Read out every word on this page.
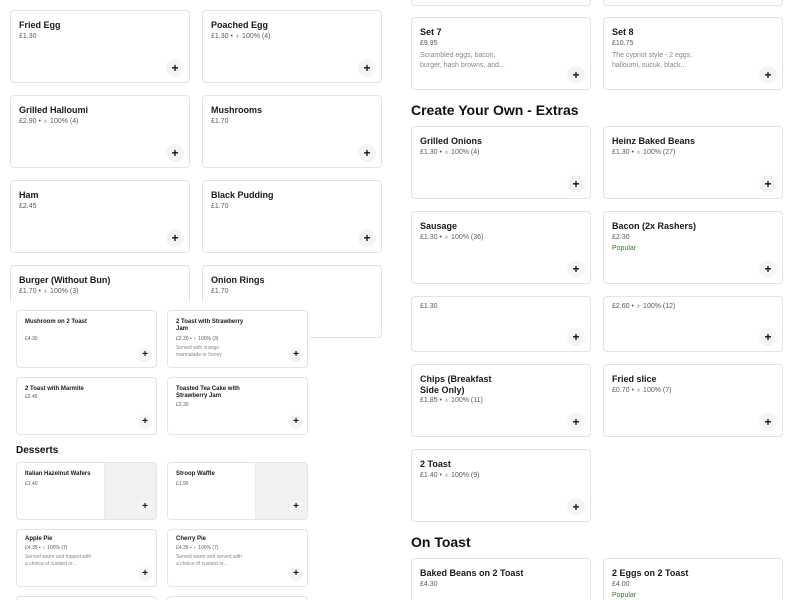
Fried Egg
£1.30
+
Poached Egg
£1.30 • ♁ 100% (4)
+
Grilled Halloumi
£2.90 • ♁ 100% (4)
+
Mushrooms
£1.70
+
Ham
£2.45
+
Black Pudding
£1.70
+
Burger (Without Bun)
£1.70 • ♁ 100% (3)
Onion Rings
£1.70
Mushroom on 2 Toast
£4.30
+
2 Toast with Strawberry Jam
£2.30 • ♁ 100% (3)
Served with orange marmalade or honey	+
2 Toast with Marmite
£2.45
+
Toasted Tea Cake with Strawberry Jam
£2.30
+
Desserts
Italian Hazelnut Wafers
£1.40
+
Stroop Waffle
£1.90
+
Apple Pie
£4.35 • ♁ 100% (7)
Served warm and topped with a choice of custard or...
+
Cherry Pie
£4.35 • ♁ 100% (7)
Served warm and served with a choice of custard or...
+
Set 7
£9.95
Scrambled eggs, bacon, burger, hash browns, and...
+
Set 8
£10.75
The cypriot style - 2 eggs, halloumi, sucuk, black...
+
Create Your Own - Extras
Grilled Onions
£1.30 • ♁ 100% (4)
+
Heinz Baked Beans
£1.30 • ♁ 100% (27)
+
Sausage
£1.30 • ♁ 100% (36)
+
Bacon (2x Rashers)
£2.30
Popular
+
£1.30
+
£2.60 • ♁ 100% (12)
+
Chips (Breakfast Side Only)
£1.85 • ♁ 100% (11)
+
Fried slice
£0.70 • ♁ 100% (7)
+
2 Toast
£1.40 • ♁ 100% (9)
+
On Toast
Baked Beans on 2 Toast
£4.30
2 Eggs on 2 Toast
£4.00
Popular
